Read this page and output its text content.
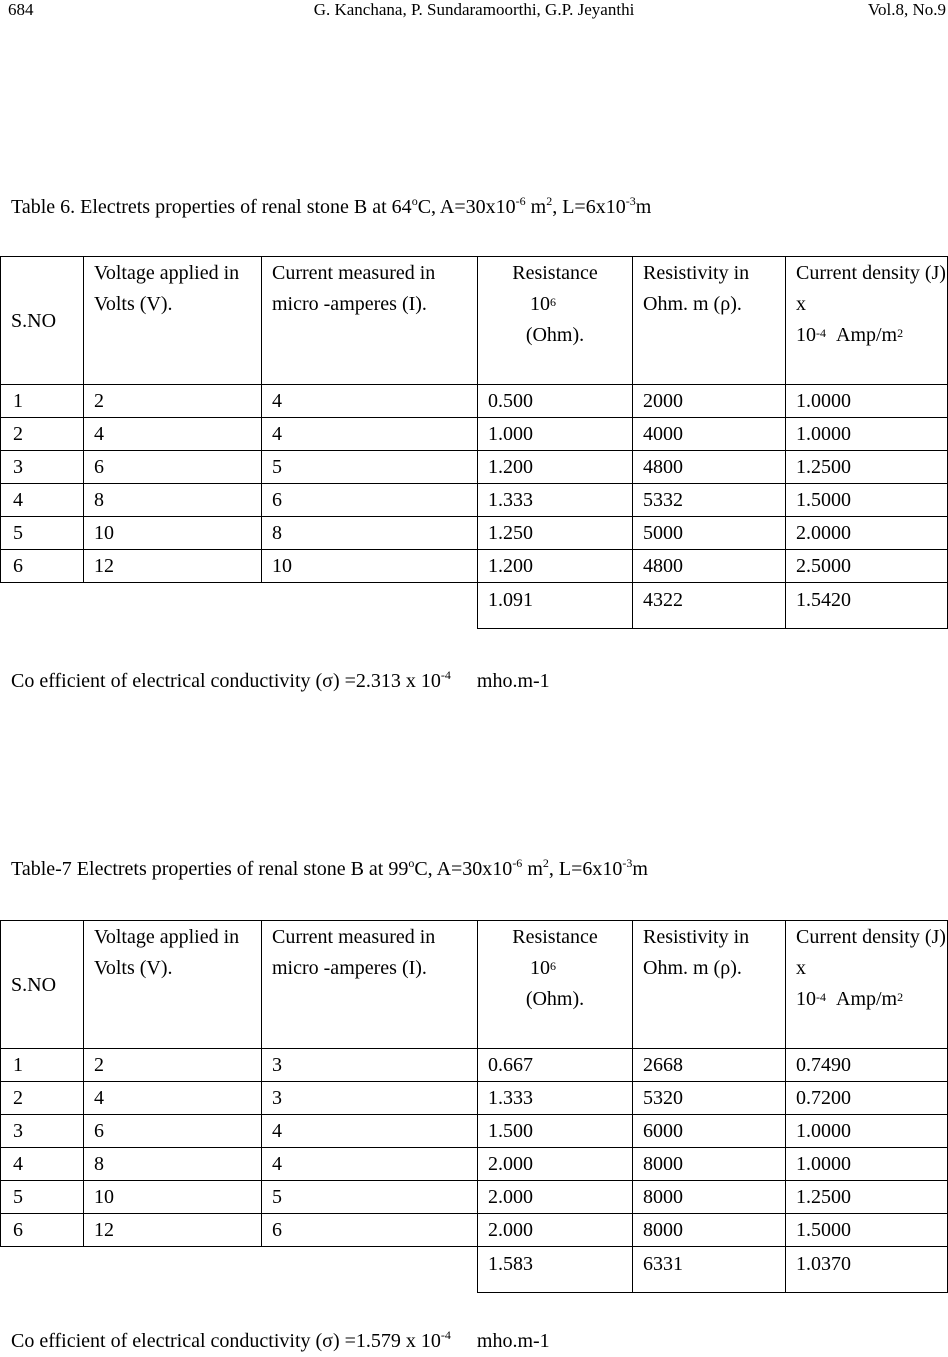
684	G. Kanchana, P. Sundaramoorthi, G.P. Jeyanthi	Vol.8, No.9
Table 6. Electrets properties of renal stone B at 64$^o$C, $A=30x10^{-6}$ $m^2$, $L=6x10^{-3}m$
S.NO	Voltage applied in Volts (V).	Current measured in micro -amperes (I).	Resistance
$10^6$
(Ohm).	Resistivity in Ohm. m (ρ).	Current density (J) x
$10^{-4}$ Amp/$m^2$
1	2	4	0.500	2000	1.0000
2	4	4	1.000	4000	1.0000
3	6	5	1.200	4800	1.2500
4	8	6	1.333	5332	1.5000
5	10	8	1.250	5000	2.0000
6	12	10	1.200	4800	2.5000
			1.091	4322	1.5420
Co efficient of electrical conductivity (σ) =2.313 x $10^{-4}$ mho.m-1
Table-7 Electrets properties of renal stone B at 99$^o$C, $A=30x10^{-6}$ $m^2$, $L=6x10^{-3}m$
S.NO	Voltage applied in Volts (V).	Current measured in micro -amperes (I).	Resistance
$10^6$
(Ohm).	Resistivity in Ohm. m (ρ).	Current density (J) x
$10^{-4}$ Amp/$m^2$
1	2	3	0.667	2668	0.7490
2	4	3	1.333	5320	0.7200
3	6	4	1.500	6000	1.0000
4	8	4	2.000	8000	1.0000
5	10	5	2.000	8000	1.2500
6	12	6	2.000	8000	1.5000
			1.583	6331	1.0370
Co efficient of electrical conductivity (σ) =1.579 x $10^{-4}$ mho.m-1
